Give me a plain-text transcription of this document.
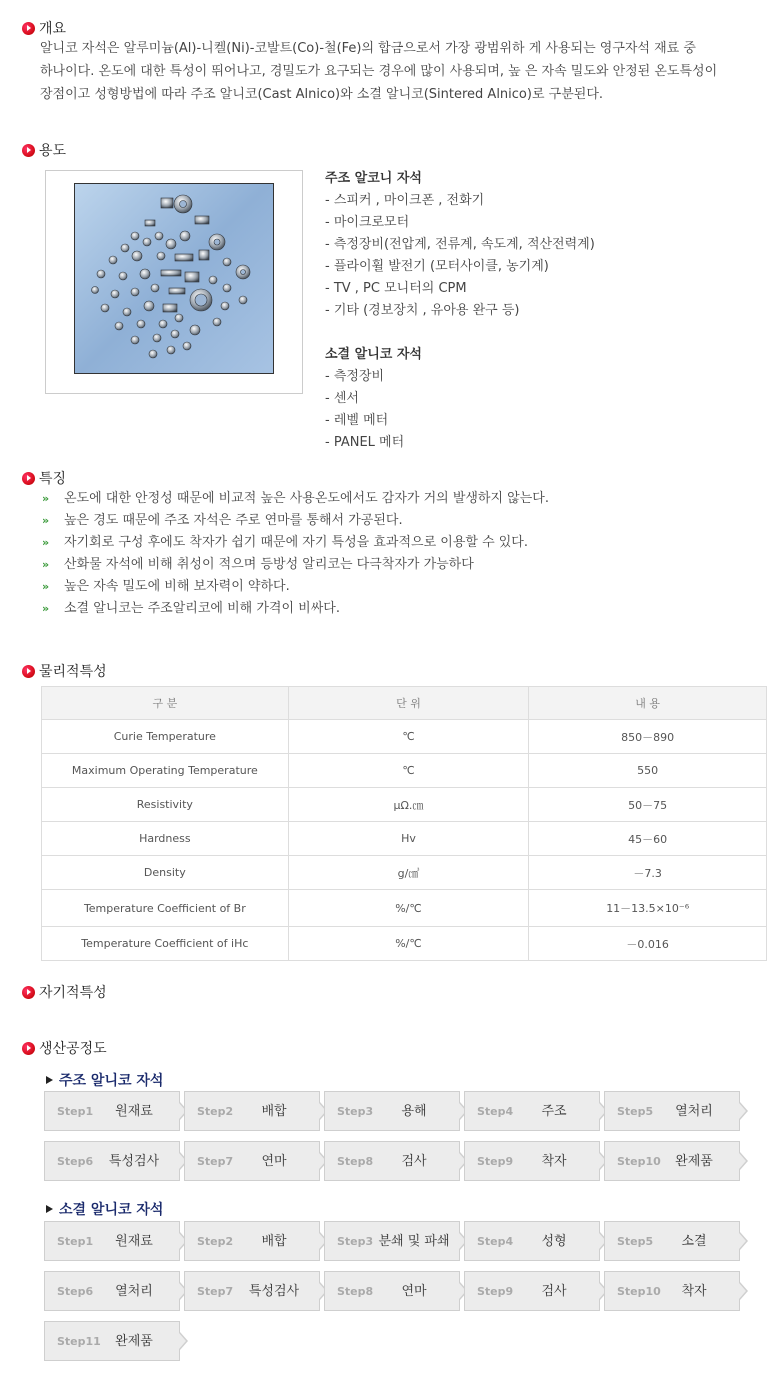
개요
알니코 자석은 알루미늄(Al)-니켈(Ni)-코발트(Co)-철(Fe)의 합금으로서 가장 광범위하 게 사용되는 영구자석 재료 중
하나이다. 온도에 대한 특성이 뛰어나고, 경밀도가 요구되는 경우에 많이 사용되며, 높 은 자속 밀도와 안정된 온도특성이
장점이고 성형방법에 따라 주조 알니코(Cast Alnico)와 소결 알니코(Sintered Alnico)로 구분된다.
용도
주조 알코니 자석
- 스피커 , 마이크폰 , 전화기
- 마이크로모터
- 측정장비(전압계, 전류계, 속도계, 적산전력계)
- 플라이휠 발전기 (모터사이클, 농기계)
- TV , PC 모니터의 CPM
- 기타 (경보장치 , 유아용 완구 등)
소결 알니코 자석
- 측정장비
- 센서
- 레벨 메터
- PANEL 메터
특징
» 온도에 대한 안정성 때문에 비교적 높은 사용온도에서도 감자가 거의 발생하지 않는다.
» 높은 경도 때문에 주조 자석은 주로 연마를 통해서 가공된다.
» 자기회로 구성 후에도 착자가 쉽기 때문에 자기 특성을 효과적으로 이용할 수 있다.
» 산화물 자석에 비해 취성이 적으며 등방성 알리코는 다극착자가 가능하다
» 높은 자속 밀도에 비해 보자력이 약하다.
» 소결 알니코는 주조알리코에 비해 가격이 비싸다.
물리적특성
구 분	단 위	내 용
Curie Temperature	℃	850－890
Maximum Operating Temperature	℃	550
Resistivity	μΩ.㎝	50－75
Hardness	Hv	45－60
Density	g/㎤	－7.3
Temperature Coefficient of Br	%/℃	11－13.5×10⁻⁶
Temperature Coefficient of iHc	%/℃	－0.016
자기적특성
생산공정도
주조 알니코 자석
Step1	원재료	Step2	배합	Step3	용해	Step4	주조	Step5	열처리
Step6	특성검사	Step7	연마	Step8	검사	Step9	착자	Step10	완제품
소결 알니코 자석
Step1	원재료	Step2	배합	Step3 분쇄 및 파쇄	Step4	성형	Step5	소결
Step6	열처리	Step7	특성검사	Step8	연마	Step9	검사	Step10	착자
Step11	완제품
